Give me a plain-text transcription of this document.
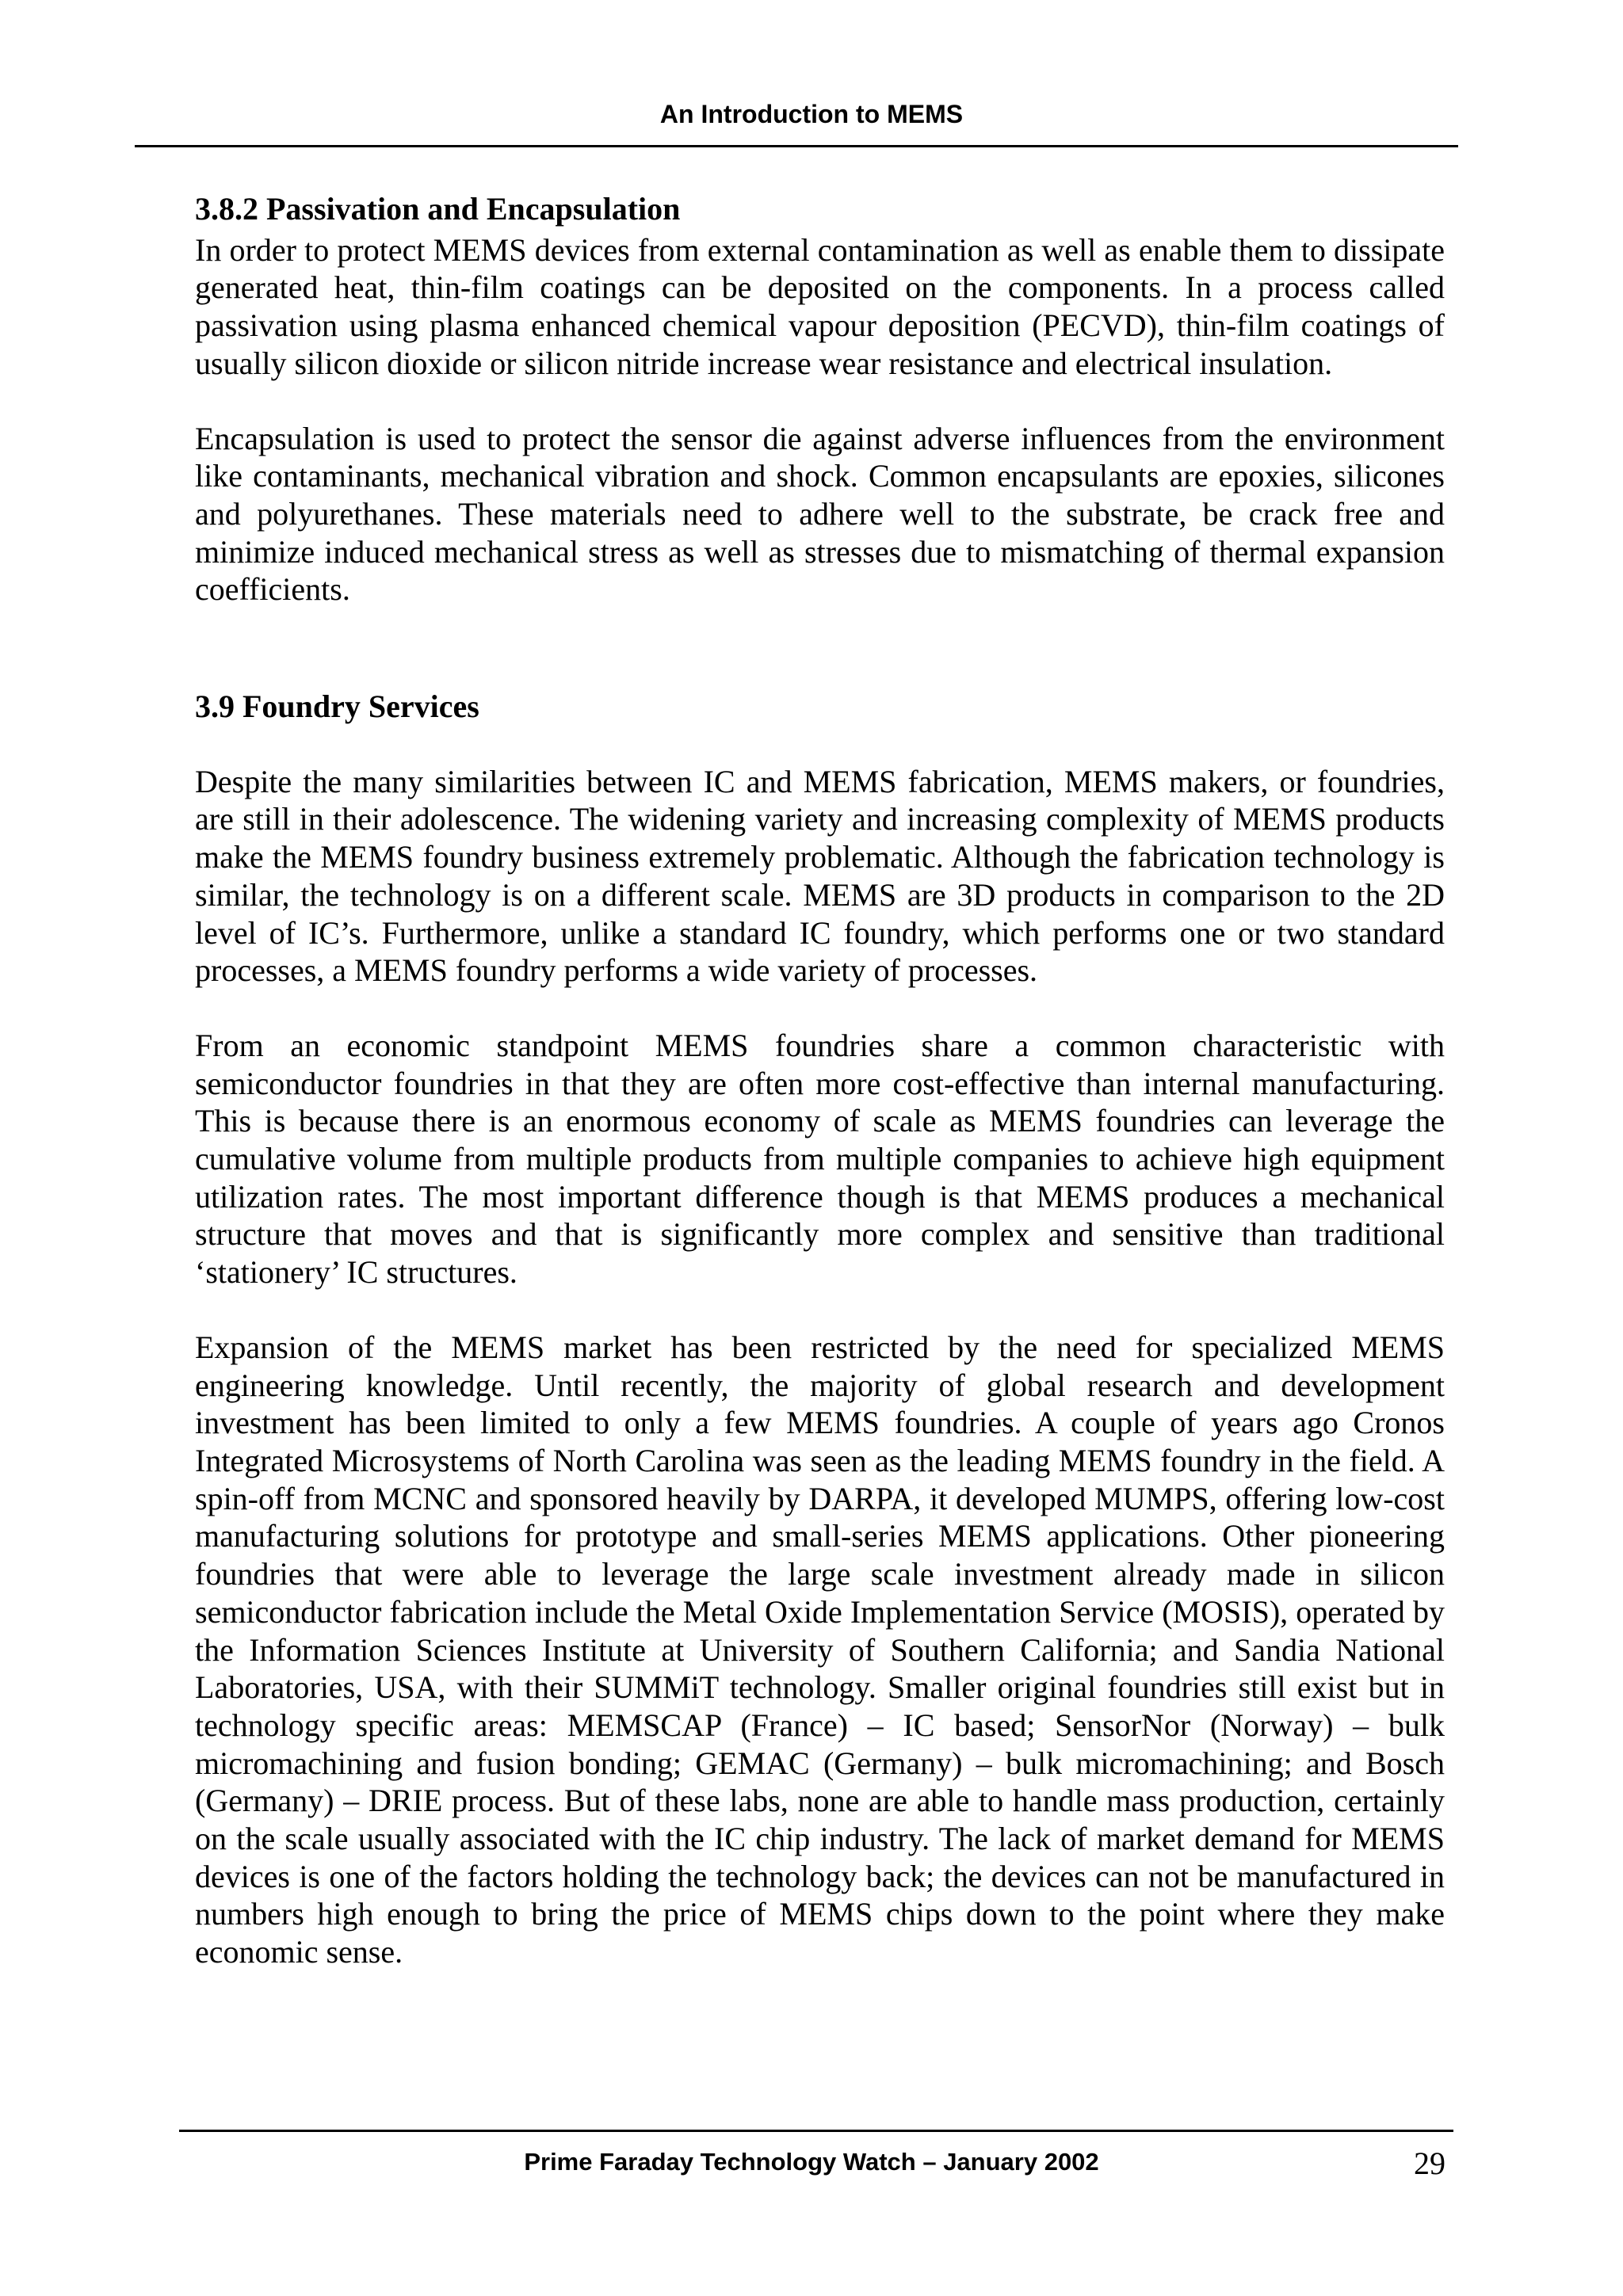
An Introduction to MEMS
3.8.2 Passivation and Encapsulation

In order to protect MEMS devices from external contamination as well as enable them to dissipate generated heat, thin-film coatings can be deposited on the components. In a process called passivation using plasma enhanced chemical vapour deposition (PECVD), thin-film coatings of usually silicon dioxide or silicon nitride increase wear resistance and electrical insulation.

Encapsulation is used to protect the sensor die against adverse influences from the environment like contaminants, mechanical vibration and shock. Common encapsulants are epoxies, silicones and polyurethanes. These materials need to adhere well to the substrate, be crack free and minimize induced mechanical stress as well as stresses due to mismatching of thermal expansion coefficients.

3.9 Foundry Services

Despite the many similarities between IC and MEMS fabrication, MEMS makers, or foundries, are still in their adolescence. The widening variety and increasing complexity of MEMS products make the MEMS foundry business extremely problematic. Although the fabrication technology is similar, the technology is on a different scale. MEMS are 3D products in comparison to the 2D level of IC’s. Furthermore, unlike a standard IC foundry, which performs one or two standard processes, a MEMS foundry performs a wide variety of processes.

From an economic standpoint MEMS foundries share a common characteristic with semiconductor foundries in that they are often more cost-effective than internal manufacturing. This is because there is an enormous economy of scale as MEMS foundries can leverage the cumulative volume from multiple products from multiple companies to achieve high equipment utilization rates. The most important difference though is that MEMS produces a mechanical structure that moves and that is significantly more complex and sensitive than traditional ‘stationery’ IC structures.

Expansion of the MEMS market has been restricted by the need for specialized MEMS engineering knowledge. Until recently, the majority of global research and development investment has been limited to only a few MEMS foundries. A couple of years ago Cronos Integrated Microsystems of North Carolina was seen as the leading MEMS foundry in the field. A spin-off from MCNC and sponsored heavily by DARPA, it developed MUMPS, offering low-cost manufacturing solutions for prototype and small-series MEMS applications. Other pioneering foundries that were able to leverage the large scale investment already made in silicon semiconductor fabrication include the Metal Oxide Implementation Service (MOSIS), operated by the Information Sciences Institute at University of Southern California; and Sandia National Laboratories, USA, with their SUMMiT technology. Smaller original foundries still exist but in technology specific areas: MEMSCAP (France) – IC based; SensorNor (Norway) – bulk micromachining and fusion bonding; GEMAC (Germany) – bulk micromachining; and Bosch (Germany) – DRIE process. But of these labs, none are able to handle mass production, certainly on the scale usually associated with the IC chip industry. The lack of market demand for MEMS devices is one of the factors holding the technology back; the devices can not be manufactured in numbers high enough to bring the price of MEMS chips down to the point where they make economic sense.

Prime Faraday Technology Watch – January 2002	29
